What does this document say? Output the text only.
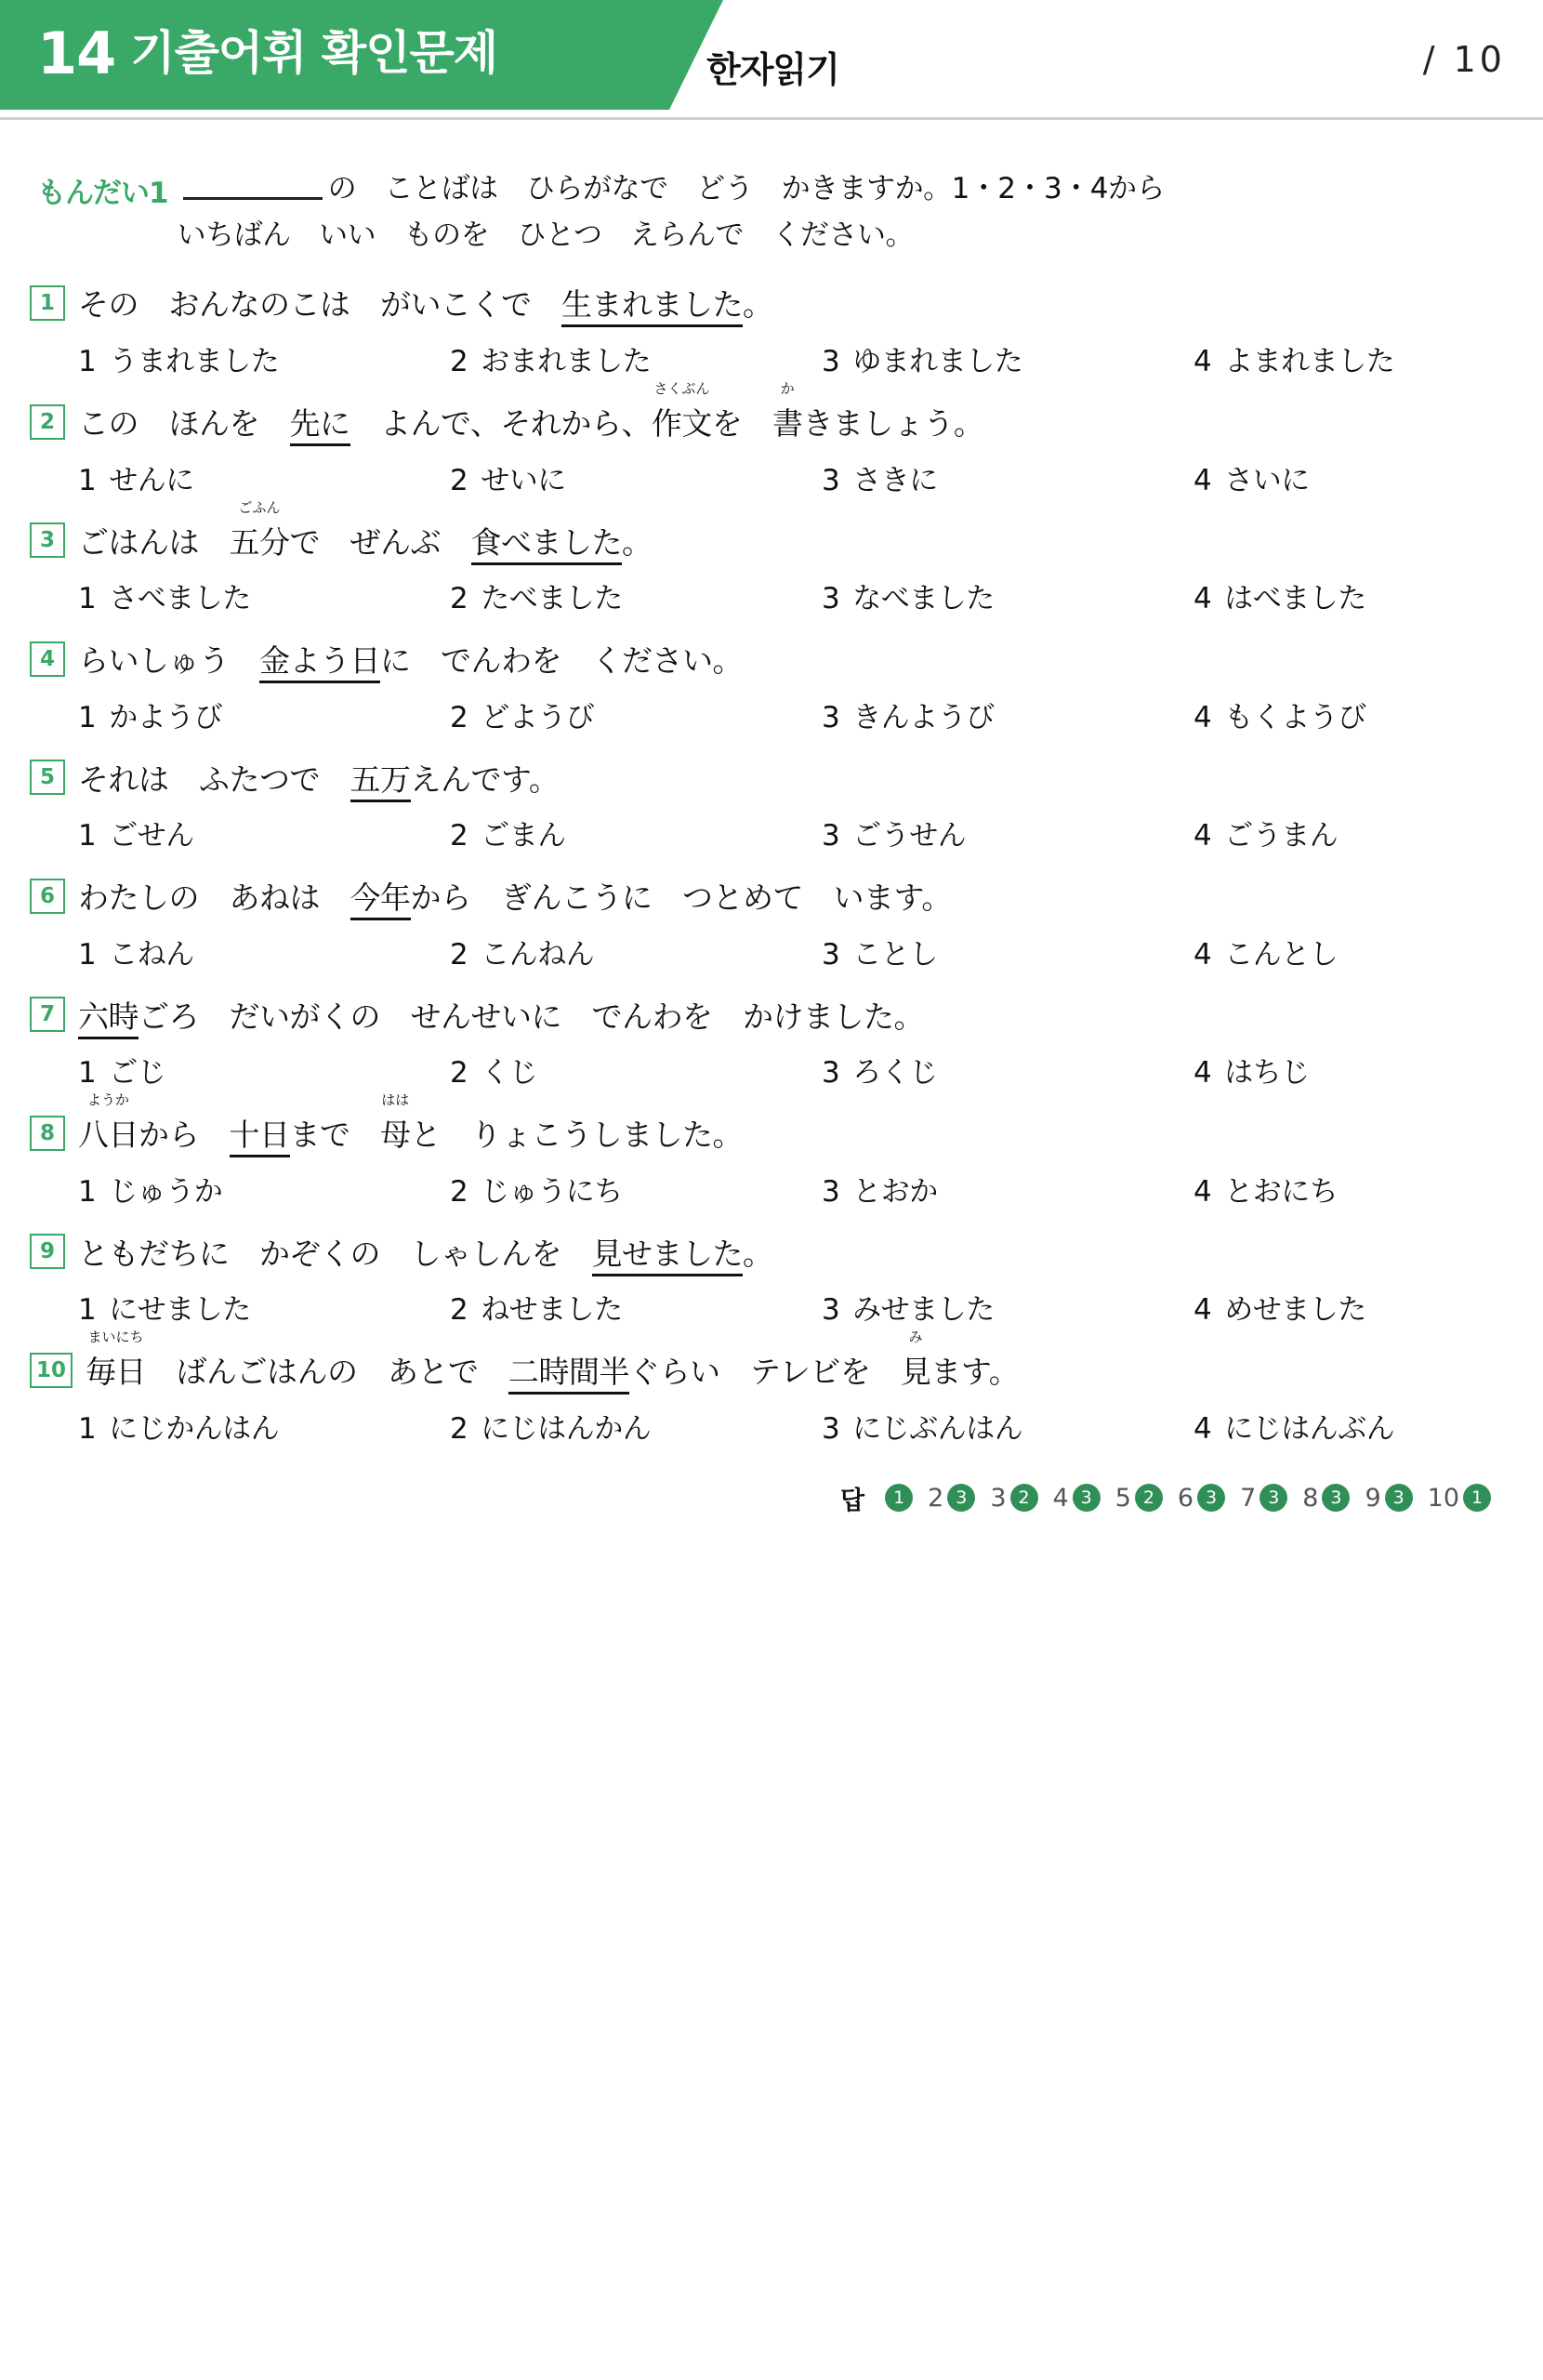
14 기출어휘 확인문제	한자읽기	/ 10
もんだい1	の　ことばは　ひらがなで　どう　かきますか。1・2・3・4から
いちばん　いい　ものを　ひとつ　えらんで　ください。
1 その　おんなのこは　がいこくで　生まれました。
1 うまれました	2 おまれました	3 ゆまれました	4 よまれました
2 この　ほんを　先に　よんで、それから、
さくぶん
作文 を　
か
書 きましょう。
1 せんに	2 せいに	3 さきに	4 さいに
3 ごはんは　
ごふん
五分 で　ぜんぶ　食べました。
1 さべました	2 たべました	3 なべました	4 はべました
4 らいしゅう　金よう日に　でんわを　ください。
1 かようび	2 どようび	3 きんようび	4 もくようび
5 それは　ふたつで　五万えんです。
1 ごせん	2 ごまん	3 ごうせん	4 ごうまん
6 わたしの　あねは　今年から　ぎんこうに　つとめて　います。
1 こねん	2 こんねん	3 ことし	4 こんとし
7 六時ごろ　だいがくの　せんせいに　でんわを　かけました。
1 ごじ	2 くじ	3 ろくじ	4 はちじ
8
ようか
八日 から　十日まで　
はは
母 と　りょこうしました。
1 じゅうか	2 じゅうにち	3 とおか	4 とおにち
9 ともだちに　かぞくの　しゃしんを　見せました。
1 にせました	2 ねせました	3 みせました	4 めせました
10
まいにち
毎日 　ばんごはんの　あとで　二時間半ぐらい　テレビを　
み
見 ます。
1 にじかんはん	2 にじはんかん	3 にじぶんはん	4 にじはんぶん
답	1 2 3 3 2 4 3 5 2 6 3 7 3 8 3 9 3 10 1
